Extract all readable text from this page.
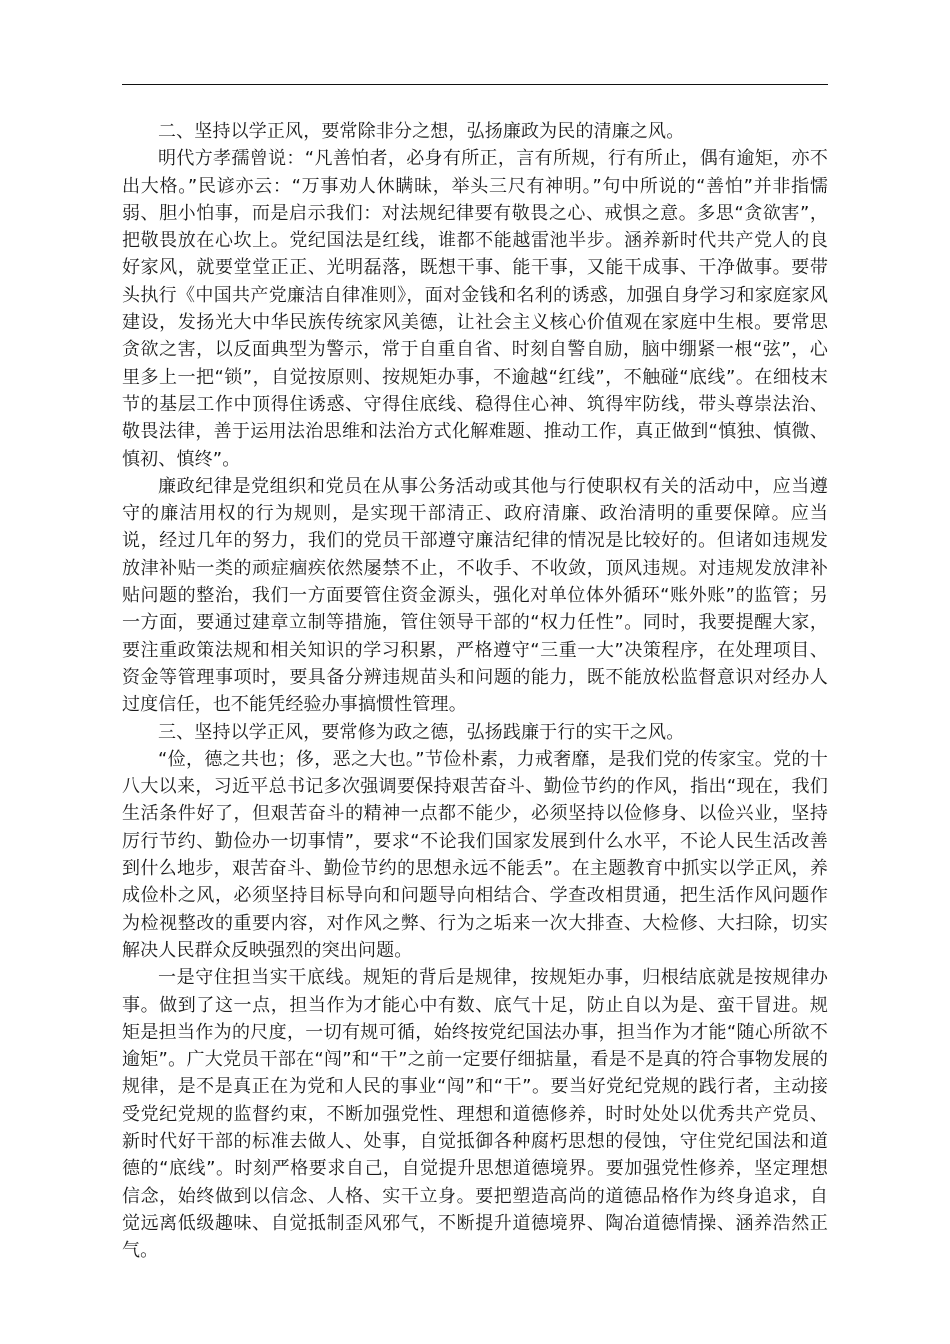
二、坚持以学正风，要常除非分之想，弘扬廉政为民的清廉之风。

明代方孝孺曾说：“凡善怕者，必身有所正，言有所规，行有所止，偶有逾矩，亦不出大格。”民谚亦云：“万事劝人休瞒昧，举头三尺有神明。”句中所说的“善怕”并非指懦弱、胆小怕事，而是启示我们：对法规纪律要有敬畏之心、戒惧之意。多思“贪欲害”，把敬畏放在心坎上。党纪国法是红线，谁都不能越雷池半步。涵养新时代共产党人的良好家风，就要堂堂正正、光明磊落，既想干事、能干事，又能干成事、干净做事。要带头执行《中国共产党廉洁自律准则》，面对金钱和名利的诱惑，加强自身学习和家庭家风建设，发扬光大中华民族传统家风美德，让社会主义核心价值观在家庭中生根。要常思贪欲之害，以反面典型为警示，常于自重自省、时刻自警自励，脑中绷紧一根“弦”，心里多上一把“锁”，自觉按原则、按规矩办事，不逾越“红线”，不触碰“底线”。在细枝末节的基层工作中顶得住诱惑、守得住底线、稳得住心神、筑得牢防线，带头尊崇法治、敬畏法律，善于运用法治思维和法治方式化解难题、推动工作，真正做到“慎独、慎微、慎初、慎终”。

廉政纪律是党组织和党员在从事公务活动或其他与行使职权有关的活动中，应当遵守的廉洁用权的行为规则，是实现干部清正、政府清廉、政治清明的重要保障。应当说，经过几年的努力，我们的党员干部遵守廉洁纪律的情况是比较好的。但诸如违规发放津补贴一类的顽症痼疾依然屡禁不止，不收手、不收敛，顶风违规。对违规发放津补贴问题的整治，我们一方面要管住资金源头，强化对单位体外循环“账外账”的监管；另一方面，要通过建章立制等措施，管住领导干部的“权力任性”。同时，我要提醒大家，要注重政策法规和相关知识的学习积累，严格遵守“三重一大”决策程序，在处理项目、资金等管理事项时，要具备分辨违规苗头和问题的能力，既不能放松监督意识对经办人过度信任，也不能凭经验办事搞惯性管理。

三、坚持以学正风，要常修为政之德，弘扬践廉于行的实干之风。

“俭，德之共也；侈，恶之大也。”节俭朴素，力戒奢靡，是我们党的传家宝。党的十八大以来，习近平总书记多次强调要保持艰苦奋斗、勤俭节约的作风，指出“现在，我们生活条件好了，但艰苦奋斗的精神一点都不能少，必须坚持以俭修身、以俭兴业，坚持厉行节约、勤俭办一切事情”，要求“不论我们国家发展到什么水平，不论人民生活改善到什么地步，艰苦奋斗、勤俭节约的思想永远不能丢”。在主题教育中抓实以学正风，养成俭朴之风，必须坚持目标导向和问题导向相结合、学查改相贯通，把生活作风问题作为检视整改的重要内容，对作风之弊、行为之垢来一次大排查、大检修、大扫除，切实解决人民群众反映强烈的突出问题。

一是守住担当实干底线。规矩的背后是规律，按规矩办事，归根结底就是按规律办事。做到了这一点，担当作为才能心中有数、底气十足，防止自以为是、蛮干冒进。规矩是担当作为的尺度，一切有规可循，始终按党纪国法办事，担当作为才能“随心所欲不逾矩”。广大党员干部在“闯”和“干”之前一定要仔细掂量，看是不是真的符合事物发展的规律，是不是真正在为党和人民的事业“闯”和“干”。要当好党纪党规的践行者，主动接受党纪党规的监督约束，不断加强党性、理想和道德修养，时时处处以优秀共产党员、新时代好干部的标准去做人、处事，自觉抵御各种腐朽思想的侵蚀，守住党纪国法和道德的“底线”。时刻严格要求自己，自觉提升思想道德境界。要加强党性修养，坚定理想信念，始终做到以信念、人格、实干立身。要把塑造高尚的道德品格作为终身追求，自觉远离低级趣味、自觉抵制歪风邪气，不断提升道德境界、陶冶道德情操、涵养浩然正气。
